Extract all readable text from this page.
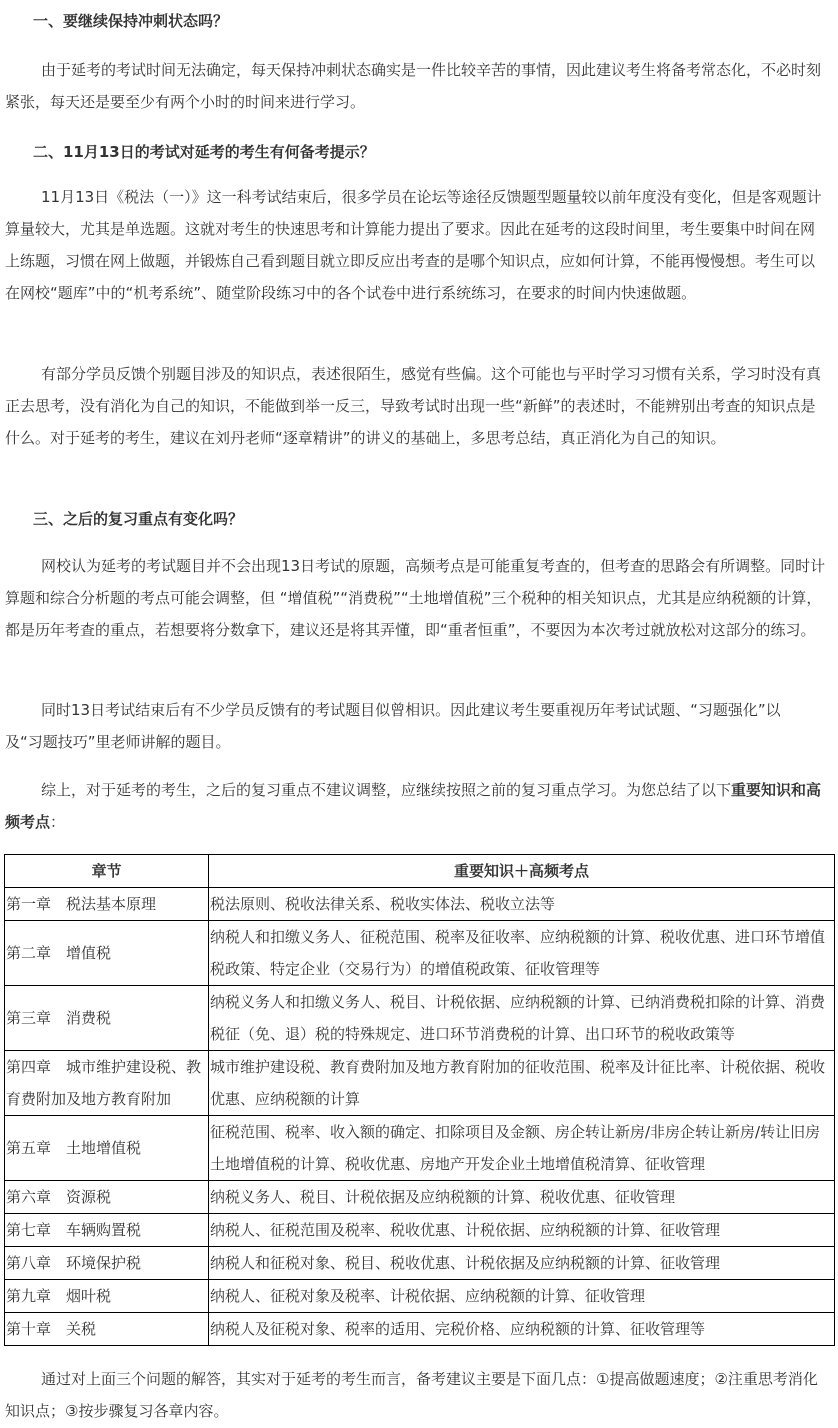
一、要继续保持冲刺状态吗？

由于延考的考试时间无法确定，每天保持冲刺状态确实是一件比较辛苦的事情，因此建议考生将备考常态化，不必时刻紧张，每天还是要至少有两个小时的时间来进行学习。

二、11月13日的考试对延考的考生有何备考提示？

11月13日《税法（一）》这一科考试结束后，很多学员在论坛等途径反馈题型题量较以前年度没有变化，但是客观题计算量较大，尤其是单选题。这就对考生的快速思考和计算能力提出了要求。因此在延考的这段时间里，考生要集中时间在网上练题，习惯在网上做题，并锻炼自己看到题目就立即反应出考查的是哪个知识点，应如何计算，不能再慢慢想。考生可以在网校“题库”中的“机考系统”、随堂阶段练习中的各个试卷中进行系统练习，在要求的时间内快速做题。

有部分学员反馈个别题目涉及的知识点，表述很陌生，感觉有些偏。这个可能也与平时学习习惯有关系，学习时没有真正去思考，没有消化为自己的知识，不能做到举一反三，导致考试时出现一些“新鲜”的表述时，不能辨别出考查的知识点是什么。对于延考的考生，建议在刘丹老师“逐章精讲”的讲义的基础上，多思考总结，真正消化为自己的知识。

三、之后的复习重点有变化吗？

网校认为延考的考试题目并不会出现13日考试的原题，高频考点是可能重复考查的，但考查的思路会有所调整。同时计算题和综合分析题的考点可能会调整，但 “增值税”“消费税”“土地增值税”三个税种的相关知识点，尤其是应纳税额的计算，都是历年考查的重点，若想要将分数拿下，建议还是将其弄懂，即“重者恒重”，不要因为本次考过就放松对这部分的练习。

同时13日考试结束后有不少学员反馈有的考试题目似曾相识。因此建议考生要重视历年考试试题、“习题强化”以及“习题技巧”里老师讲解的题目。

综上，对于延考的考生，之后的复习重点不建议调整，应继续按照之前的复习重点学习。为您总结了以下重要知识和高频考点：

章节	重要知识＋高频考点
第一章　税法基本原理	税法原则、税收法律关系、税收实体法、税收立法等
第二章　增值税	纳税人和扣缴义务人、征税范围、税率及征收率、应纳税额的计算、税收优惠、进口环节增值税政策、特定企业（交易行为）的增值税政策、征收管理等
第三章　消费税	纳税义务人和扣缴义务人、税目、计税依据、应纳税额的计算、已纳消费税扣除的计算、消费税征（免、退）税的特殊规定、进口环节消费税的计算、出口环节的税收政策等
第四章　城市维护建设税、教育费附加及地方教育附加	城市维护建设税、教育费附加及地方教育附加的征收范围、税率及计征比率、计税依据、税收优惠、应纳税额的计算
第五章　土地增值税	征税范围、税率、收入额的确定、扣除项目及金额、房企转让新房/非房企转让新房/转让旧房土地增值税的计算、税收优惠、房地产开发企业土地增值税清算、征收管理
第六章　资源税	纳税义务人、税目、计税依据及应纳税额的计算、税收优惠、征收管理
第七章　车辆购置税	纳税人、征税范围及税率、税收优惠、计税依据、应纳税额的计算、征收管理
第八章　环境保护税	纳税人和征税对象、税目、税收优惠、计税依据及应纳税额的计算、征收管理
第九章　烟叶税	纳税人、征税对象及税率、计税依据、应纳税额的计算、征收管理
第十章　关税	纳税人及征税对象、税率的适用、完税价格、应纳税额的计算、征收管理等

通过对上面三个问题的解答，其实对于延考的考生而言，备考建议主要是下面几点：①提高做题速度；②注重思考消化知识点；③按步骤复习各章内容。
